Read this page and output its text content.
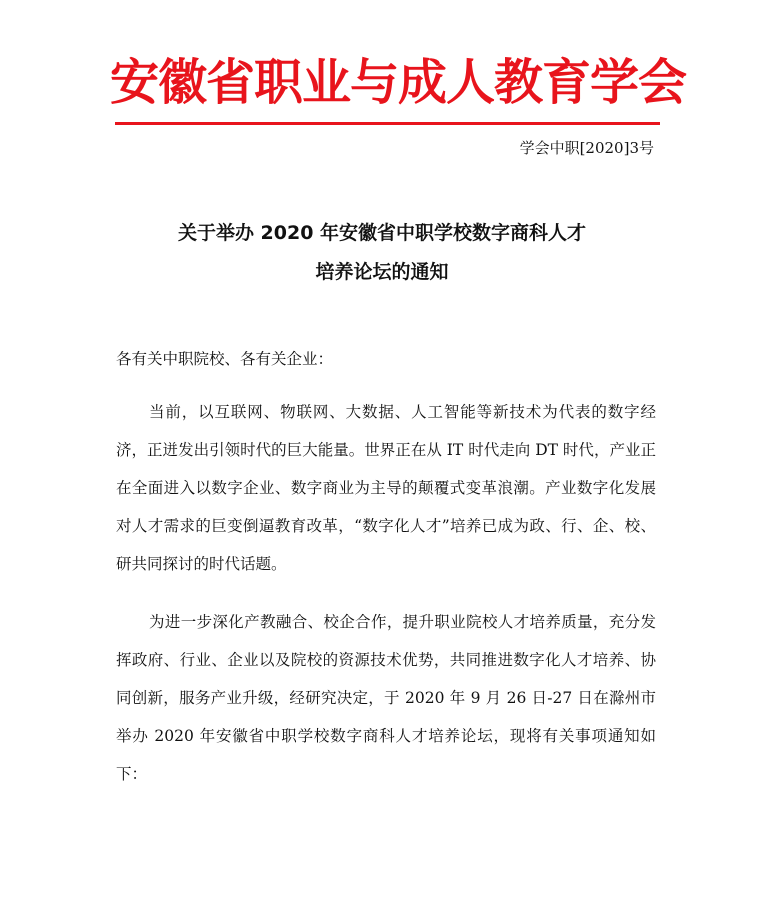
安徽省职业与成人教育学会
学会中职[2020]3号
关于举办 2020 年安徽省中职学校数字商科人才
培养论坛的通知
各有关中职院校、各有关企业：

当前，以互联网、物联网、大数据、人工智能等新技术为代表的数字经济，正迸发出引领时代的巨大能量。世界正在从 IT 时代走向 DT 时代，产业正在全面进入以数字企业、数字商业为主导的颠覆式变革浪潮。产业数字化发展对人才需求的巨变倒逼教育改革，“数字化人才”培养已成为政、行、企、校、研共同探讨的时代话题。

为进一步深化产教融合、校企合作，提升职业院校人才培养质量，充分发挥政府、行业、企业以及院校的资源技术优势，共同推进数字化人才培养、协同创新，服务产业升级，经研究决定，于 2020 年 9 月 26 日-27 日在滁州市举办 2020 年安徽省中职学校数字商科人才培养论坛，现将有关事项通知如下：
